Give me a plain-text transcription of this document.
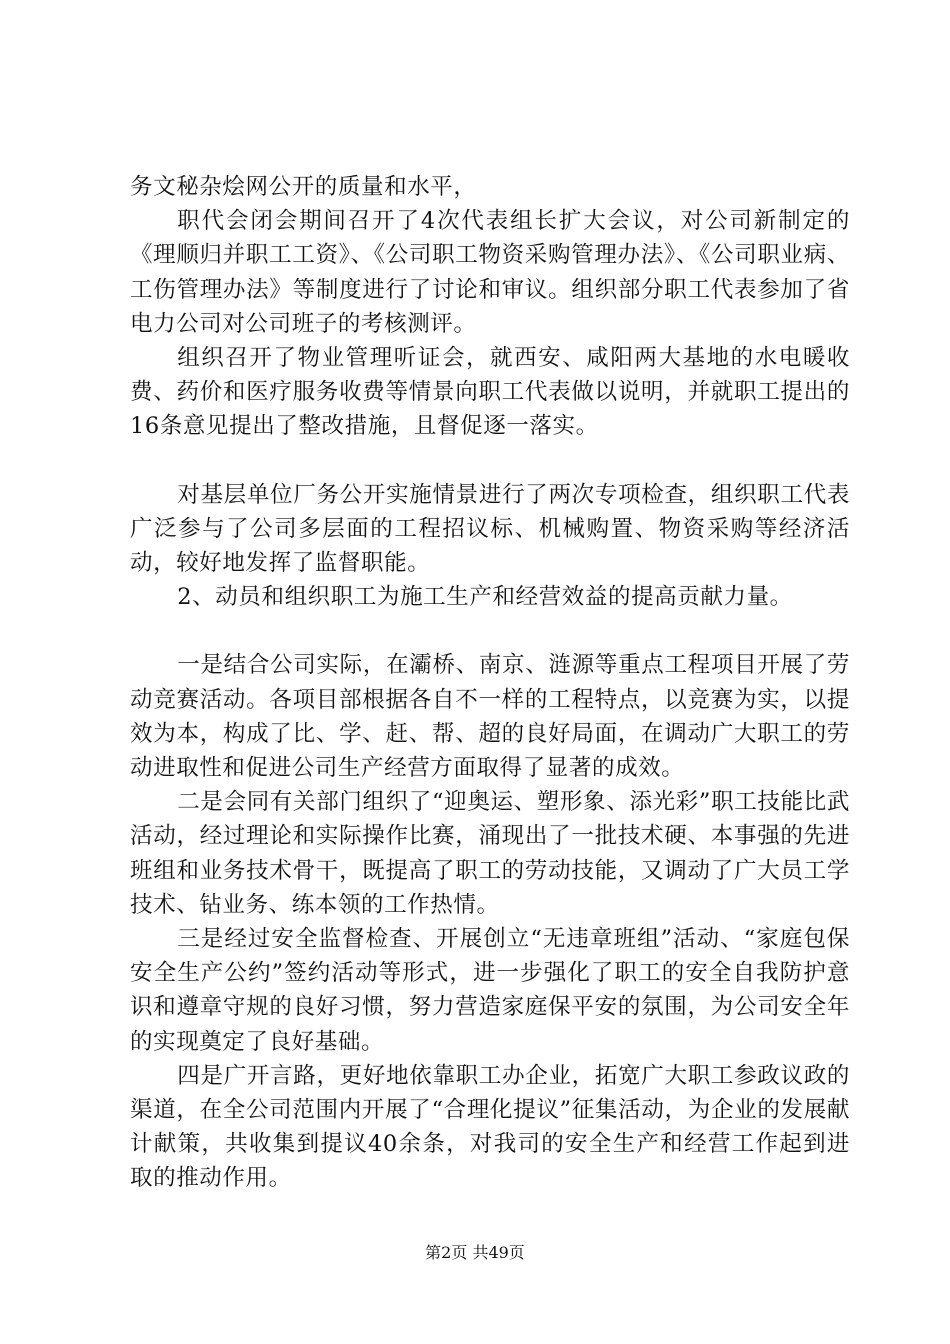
务文秘杂烩网公开的质量和水平，

职代会闭会期间召开了4次代表组长扩大会议，对公司新制定的《理顺归并职工工资》、《公司职工物资采购管理办法》、《公司职业病、工伤管理办法》等制度进行了讨论和审议。组织部分职工代表参加了省电力公司对公司班子的考核测评。

组织召开了物业管理听证会，就西安、咸阳两大基地的水电暖收费、药价和医疗服务收费等情景向职工代表做以说明，并就职工提出的16条意见提出了整改措施，且督促逐一落实。

对基层单位厂务公开实施情景进行了两次专项检查，组织职工代表广泛参与了公司多层面的工程招议标、机械购置、物资采购等经济活动，较好地发挥了监督职能。

2、动员和组织职工为施工生产和经营效益的提高贡献力量。

一是结合公司实际，在灞桥、南京、涟源等重点工程项目开展了劳动竞赛活动。各项目部根据各自不一样的工程特点，以竞赛为实，以提效为本，构成了比、学、赶、帮、超的良好局面，在调动广大职工的劳动进取性和促进公司生产经营方面取得了显著的成效。

二是会同有关部门组织了“迎奥运、塑形象、添光彩”职工技能比武活动，经过理论和实际操作比赛，涌现出了一批技术硬、本事强的先进班组和业务技术骨干，既提高了职工的劳动技能，又调动了广大员工学技术、钻业务、练本领的工作热情。

三是经过安全监督检查、开展创立“无违章班组”活动、“家庭包保安全生产公约”签约活动等形式，进一步强化了职工的安全自我防护意识和遵章守规的良好习惯，努力营造家庭保平安的氛围，为公司安全年的实现奠定了良好基础。

四是广开言路，更好地依靠职工办企业，拓宽广大职工参政议政的渠道，在全公司范围内开展了“合理化提议”征集活动，为企业的发展献计献策，共收集到提议40余条，对我司的安全生产和经营工作起到进取的推动作用。

第2页 共49页
